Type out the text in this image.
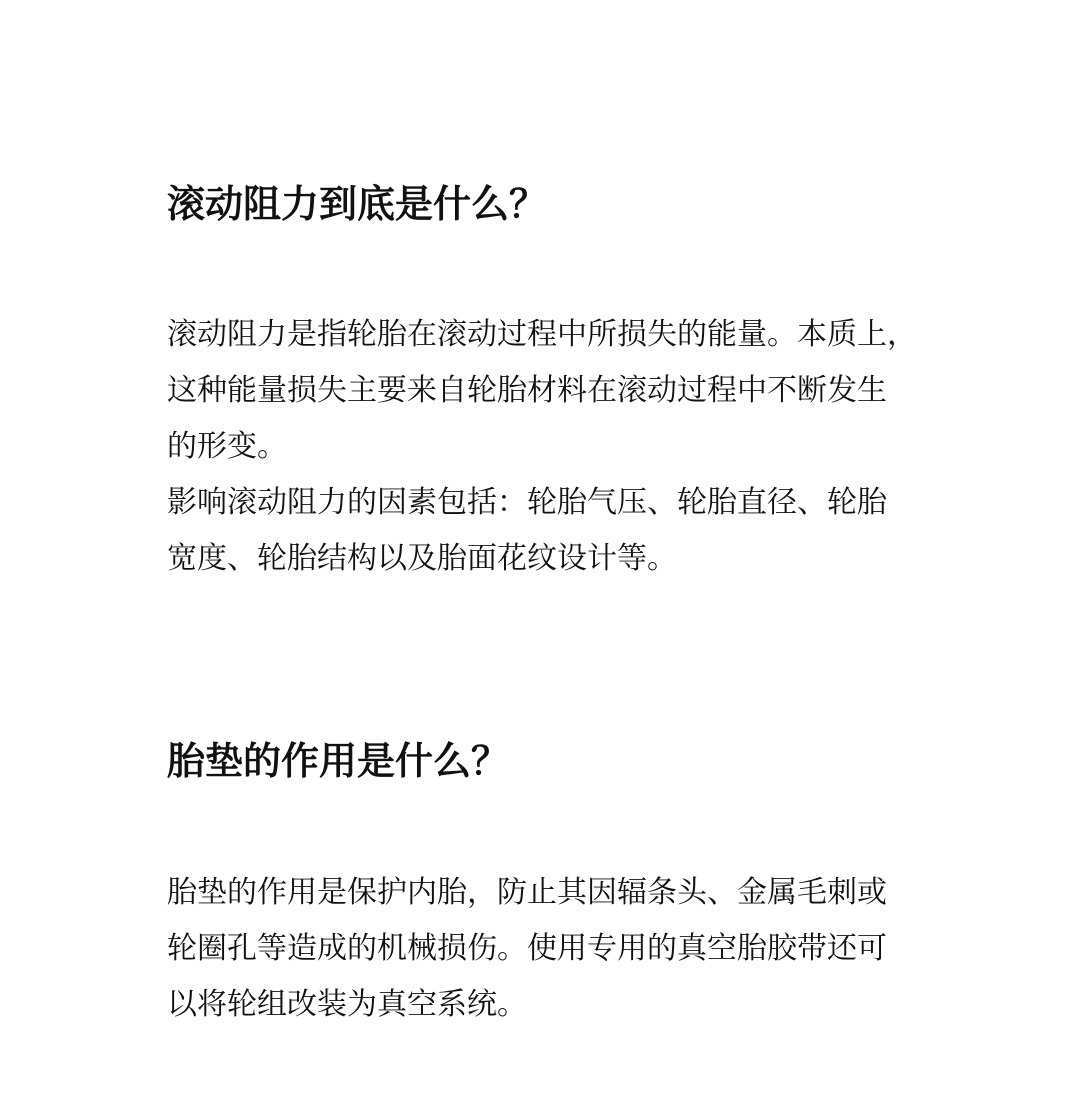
滚动阻力到底是什么？
滚动阻力是指轮胎在滚动过程中所损失的能量。本质上，
这种能量损失主要来自轮胎材料在滚动过程中不断发生
的形变。
影响滚动阻力的因素包括：轮胎气压、轮胎直径、轮胎
宽度、轮胎结构以及胎面花纹设计等。
胎垫的作用是什么？
胎垫的作用是保护内胎，防止其因辐条头、金属毛刺或
轮圈孔等造成的机械损伤。使用专用的真空胎胶带还可
以将轮组改装为真空系统。
